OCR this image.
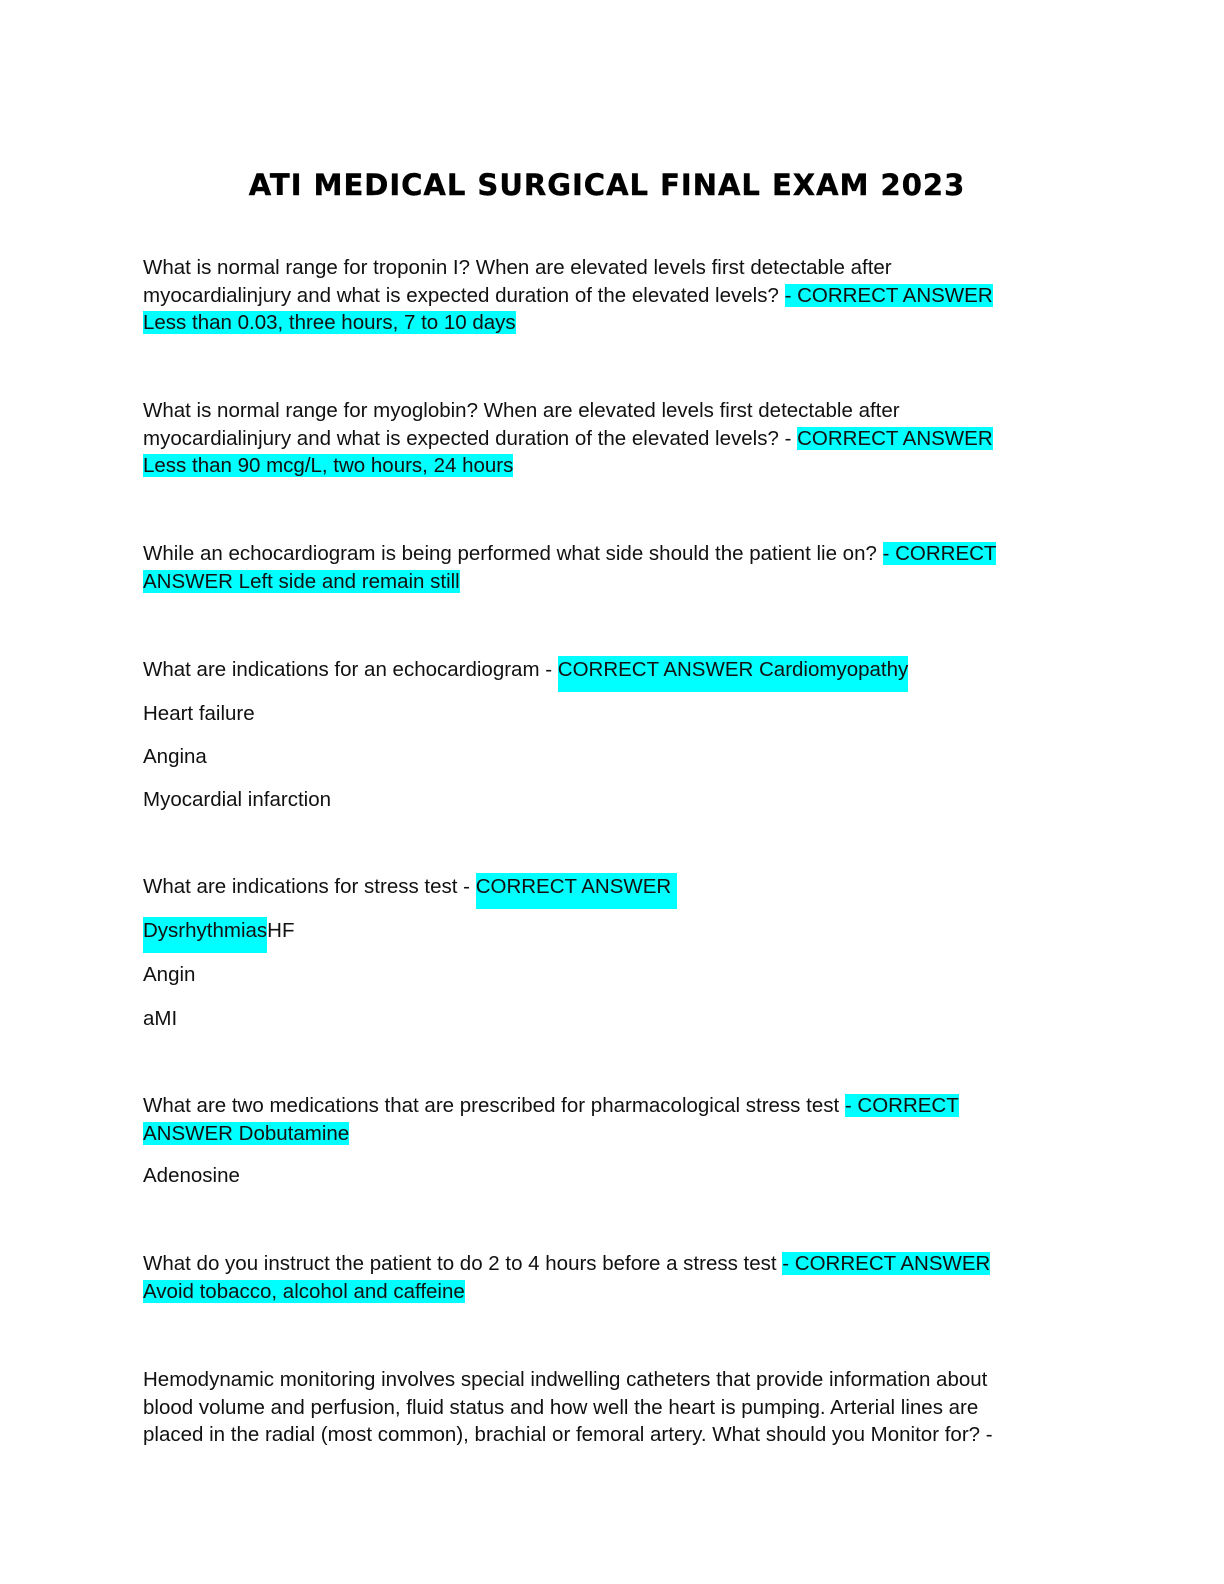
ATI MEDICAL SURGICAL FINAL EXAM 2023
What is normal range for troponin I? When are elevated levels first detectable after
myocardialinjury and what is expected duration of the elevated levels? - CORRECT ANSWER
Less than 0.03, three hours, 7 to 10 days
What is normal range for myoglobin? When are elevated levels first detectable after
myocardialinjury and what is expected duration of the elevated levels? - CORRECT ANSWER
Less than 90 mcg/L, two hours, 24 hours
While an echocardiogram is being performed what side should the patient lie on? - CORRECT
ANSWER Left side and remain still
What are indications for an echocardiogram - CORRECT ANSWER Cardiomyopathy
Heart failure
Angina
Myocardial infarction
What are indications for stress test - CORRECT ANSWER
DysrhythmiasHF
Angin
aMI
What are two medications that are prescribed for pharmacological stress test - CORRECT
ANSWER Dobutamine
Adenosine
What do you instruct the patient to do 2 to 4 hours before a stress test - CORRECT ANSWER
Avoid tobacco, alcohol and caffeine
Hemodynamic monitoring involves special indwelling catheters that provide information about
blood volume and perfusion, fluid status and how well the heart is pumping. Arterial lines are
placed in the radial (most common), brachial or femoral artery. What should you Monitor for? -
